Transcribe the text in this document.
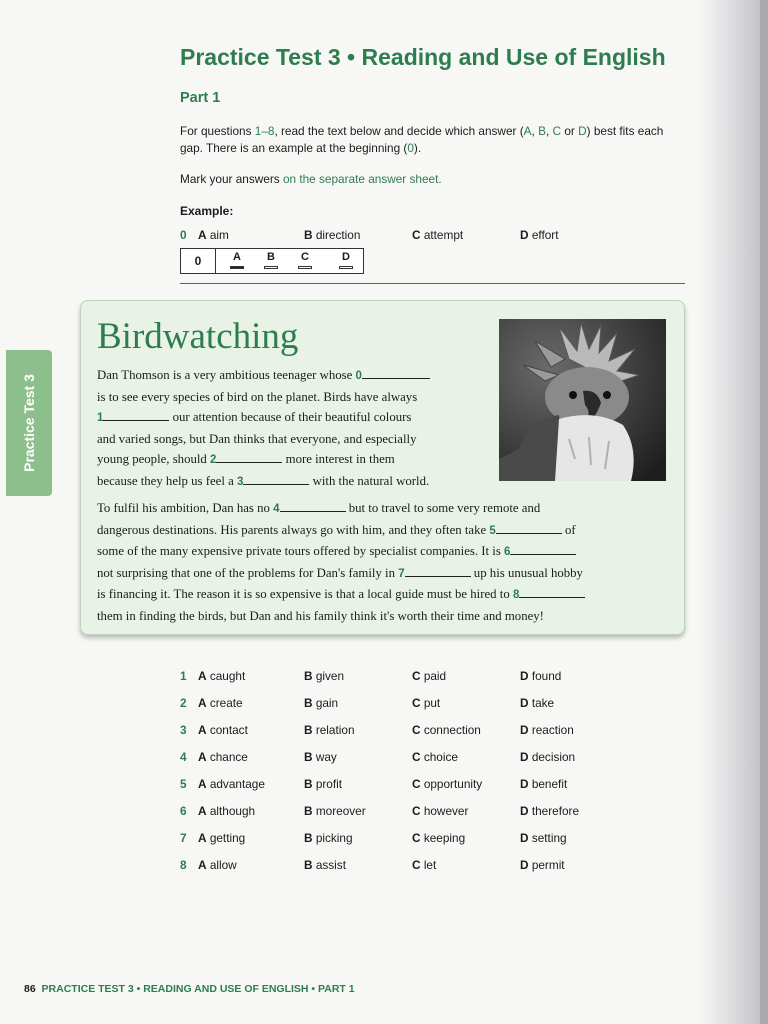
Practice Test 3 • Reading and Use of English
Part 1

For questions 1–8, read the text below and decide which answer (A, B, C or D) best fits each gap. There is an example at the beginning (0).

Mark your answers on the separate answer sheet.

Example:

0 A aim	B direction	C attempt	D effort
0	A B C	D
Practice Test 3
Birdwatching

Dan Thomson is a very ambitious teenager whose 0
is to see every species of bird on the planet. Birds have always
1	our attention because of their beautiful colours
and varied songs, but Dan thinks that everyone, and especially
young people, should 2	more interest in them
because they help us feel a 3	with the natural world.

To fulfil his ambition, Dan has no 4	but to travel to some very remote and
dangerous destinations. His parents always go with him, and they often take 5	of
some of the many expensive private tours offered by specialist companies. It is 6
not surprising that one of the problems for Dan's family in 7	up his unusual hobby
is financing it. The reason it is so expensive is that a local guide must be hired to 8
them in finding the birds, but Dan and his family think it's worth their time and money!

1 A caught	B given	C paid	D found
2 A create	B gain	C put	D take
3 A contact	B relation	C connection	D reaction
4 A chance	B way	C choice	D decision
5 A advantage	B profit	C opportunity	D benefit
6 A although	B moreover	C however	D therefore
7 A getting	B picking	C keeping	D setting
8 A allow	B assist	C let	D permit

86 PRACTICE TEST 3 • READING AND USE OF ENGLISH • PART 1
